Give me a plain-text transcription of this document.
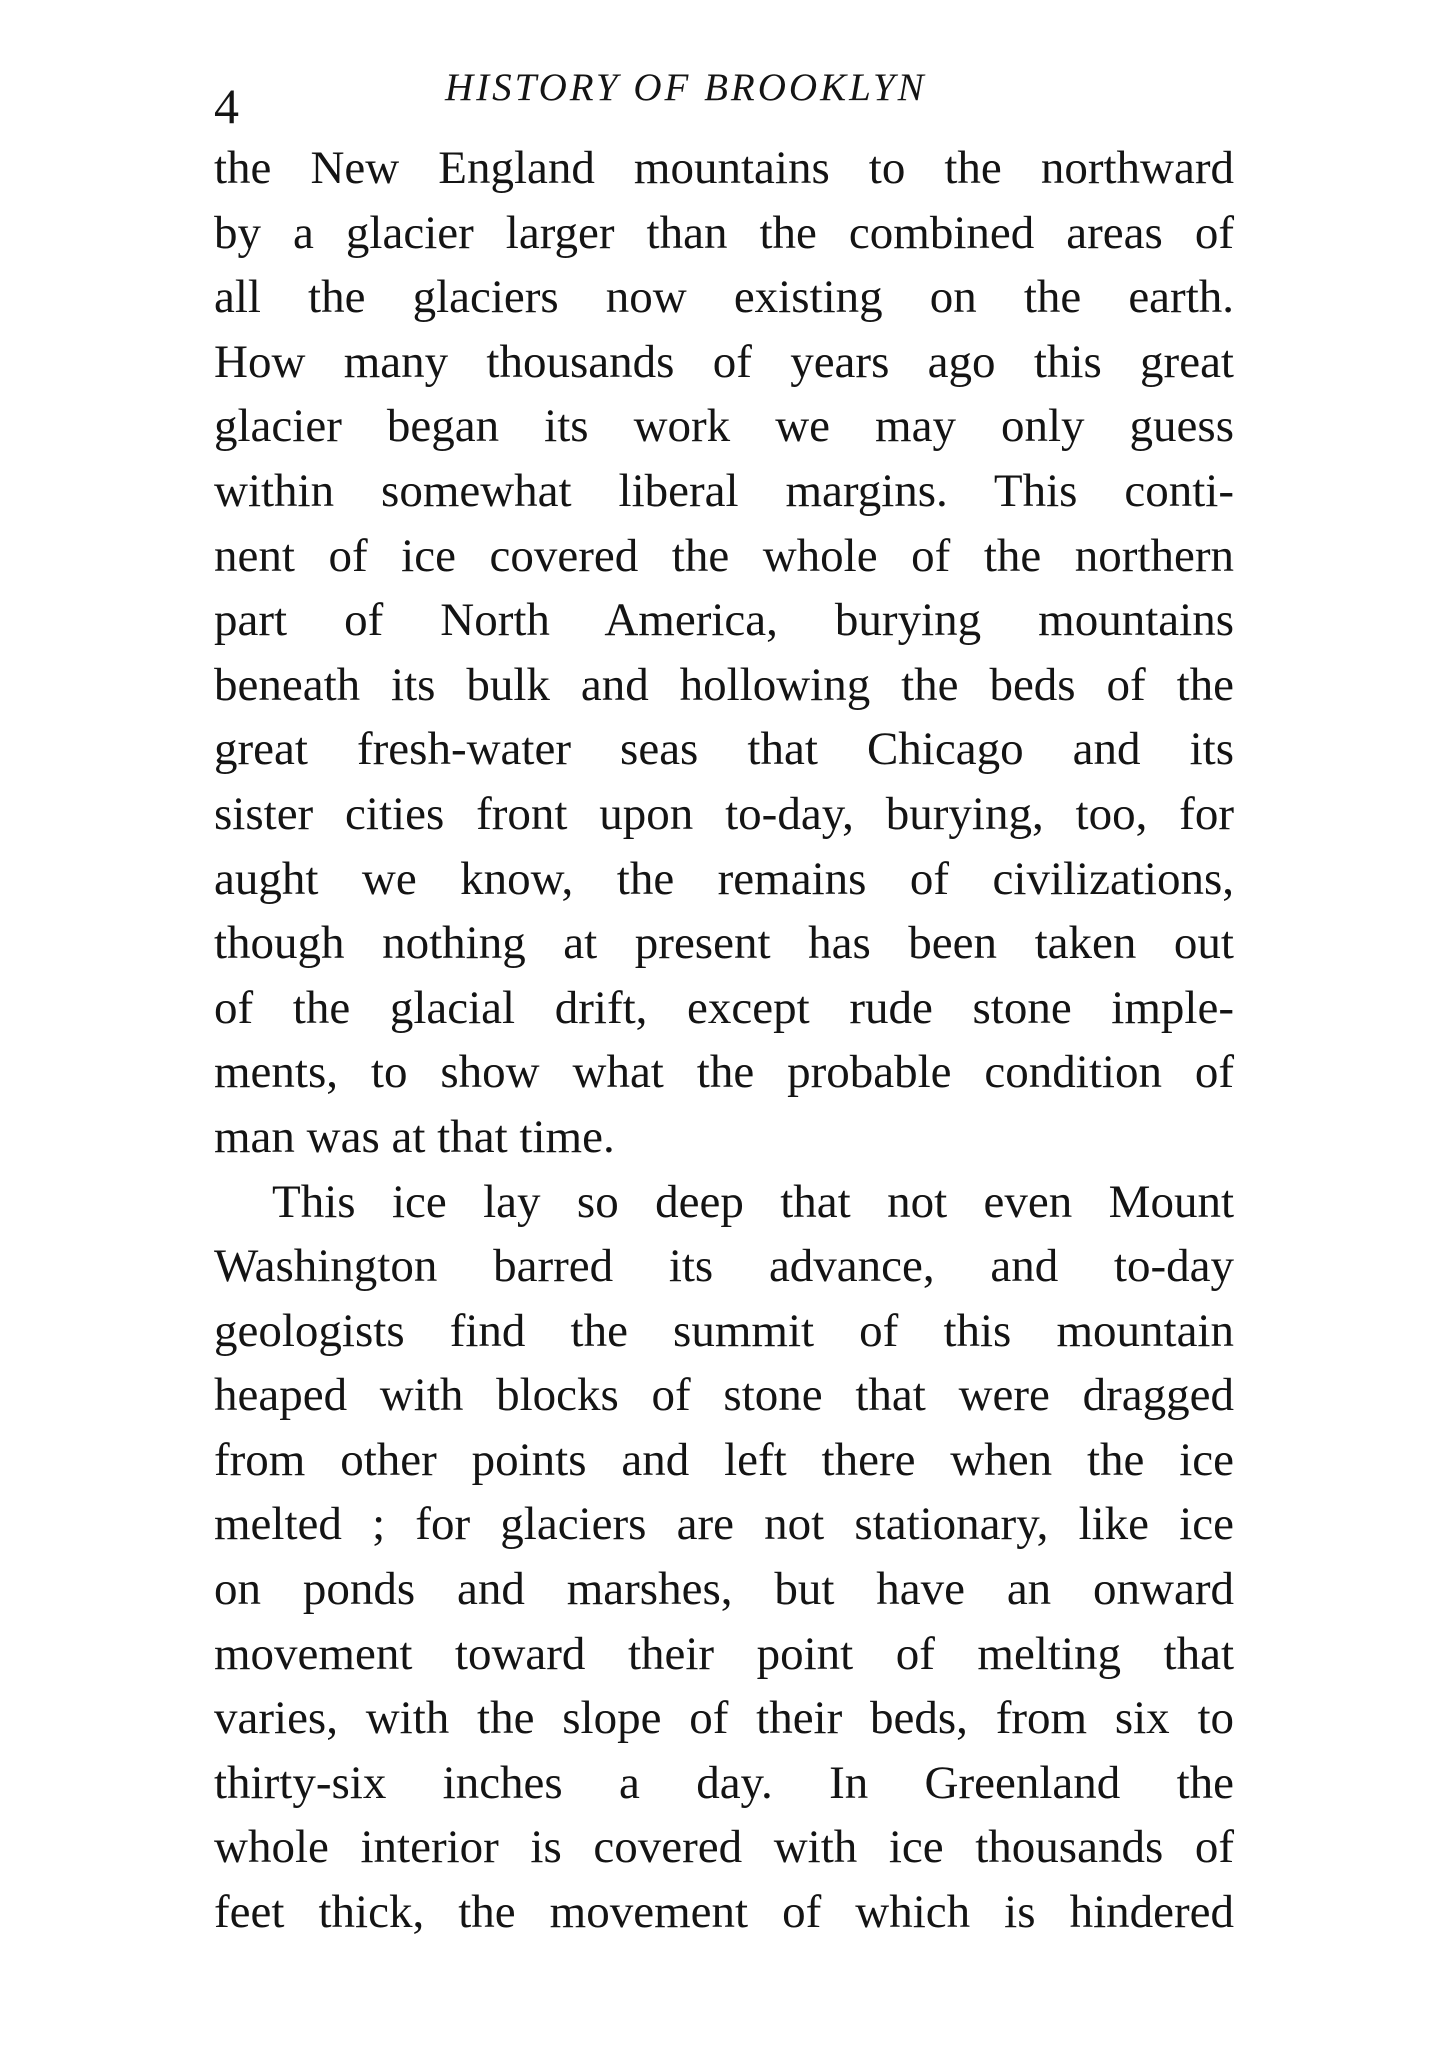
4	HISTORY OF BROOKLYN

the New England mountains to the northward
by a glacier larger than the combined areas of
all the glaciers now existing on the earth.
How many thousands of years ago this great
glacier began its work we may only guess
within somewhat liberal margins. This conti-
nent of ice covered the whole of the northern
part of North America, burying mountains
beneath its bulk and hollowing the beds of the
great fresh-water seas that Chicago and its
sister cities front upon to-day, burying, too, for
aught we know, the remains of civilizations,
though nothing at present has been taken out
of the glacial drift, except rude stone imple-
ments, to show what the probable condition of
man was at that time.
This ice lay so deep that not even Mount
Washington barred its advance, and to-day
geologists find the summit of this mountain
heaped with blocks of stone that were dragged
from other points and left there when the ice
melted ; for glaciers are not stationary, like ice
on ponds and marshes, but have an onward
movement toward their point of melting that
varies, with the slope of their beds, from six to
thirty-six inches a day. In Greenland the
whole interior is covered with ice thousands of
feet thick, the movement of which is hindered
